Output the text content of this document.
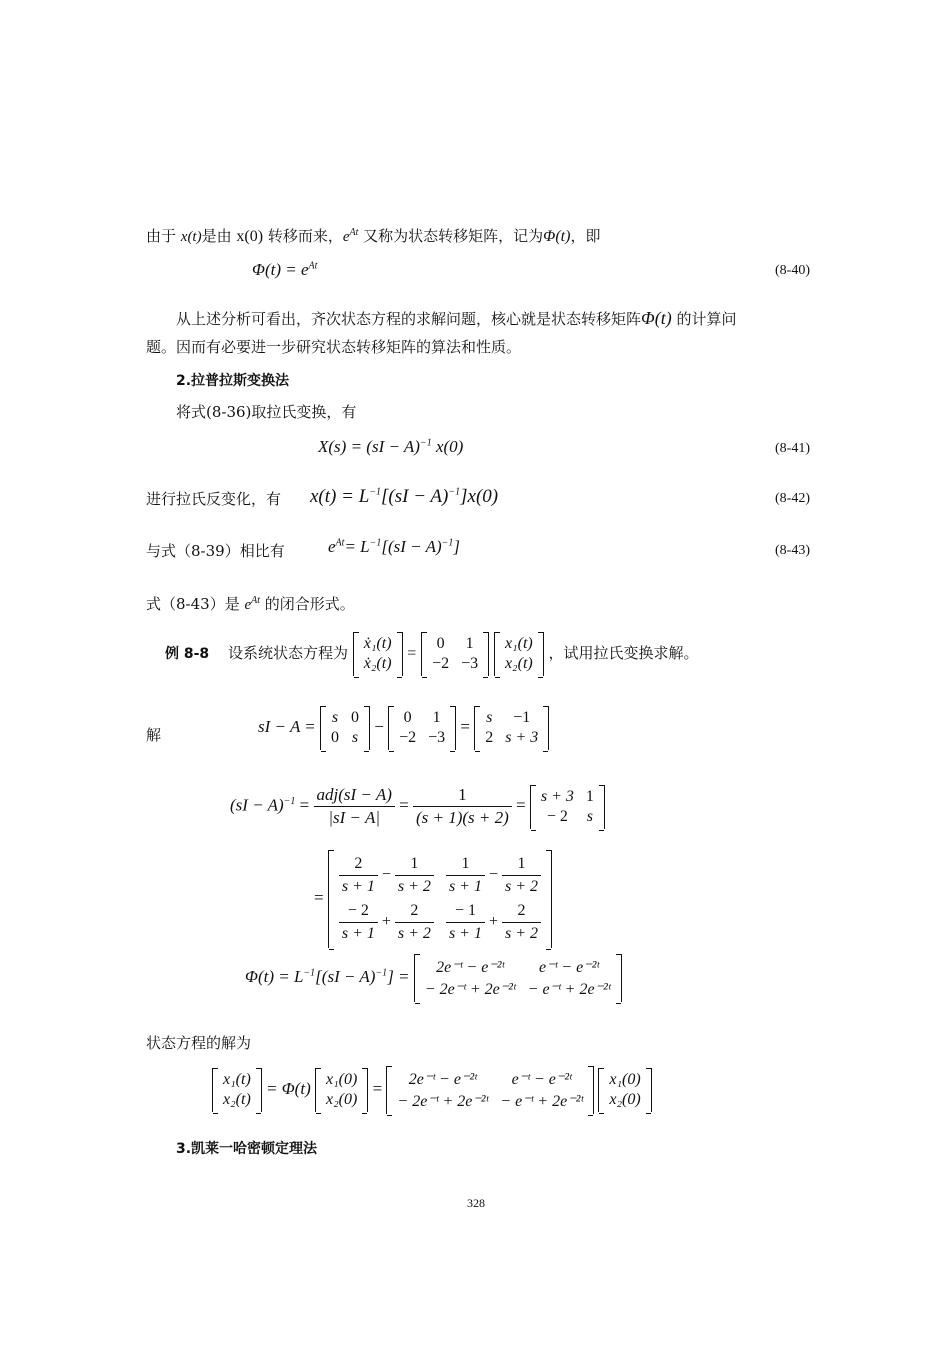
由于 x(t)是由 x(0) 转移而来，$e^{At}$ 又称为状态转移矩阵，记为Φ(t)，即
$\Phi(t) = e^{At}$	(8-40)
从上述分析可看出，齐次状态方程的求解问题，核心就是状态转移矩阵Φ(t) 的计算问
题。因而有必要进一步研究状态转移矩阵的算法和性质。
2.拉普拉斯变换法
将式(8-36)取拉氏变换，有
X(s) = (sI − A)$^{-1}$ x(0)	(8-41)
进行拉氏反变化，有	$x(t) = L^{-1}[(sI - A)^{-1}]x(0)$	(8-42)
与式（8-39）相比有	$e^{At}= L^{-1}[(sI - A)^{-1}]$	(8-43)
式（8-43）是 $e^{At}$ 的闭合形式。
例 8-8 设系统状态方程为
ẋ₁(t)
ẋ₂(t)
=
0	1
−2	−3

x₁(t)
x₂(t)
，试用拉氏变换求解。
解	sI − A = s	0
0	s
− 0	1
−2	−3
= s	−1
2	s + 3
$(sI - A)^{-1} = \frac{\text{adj(sI − A)}}{|sI - A|} = \frac{1}{(s + 1)(s + 2)} = s + 3$	1
− 2	s
= $\frac{2}{s + 1} - \frac{1}{s + 2}$	$\frac{1}{s + 1} - \frac{1}{s + 2}$

$\frac{- 2}{s + 1} + \frac{2}{s + 2}$	$\frac{- 1}{s + 1} + \frac{2}{s + 2}$
$\Phi(t) = L^{-1}[(sI - A)^{-1}]$ = 2e⁻ᵗ − e⁻²ᵗ	e⁻ᵗ − e⁻²ᵗ
− 2e⁻ᵗ + 2e⁻²ᵗ	− e⁻ᵗ + 2e⁻²ᵗ
状态方程的解为
x₁(t)
x₂(t)
= Φ(t) x₁(0)
x₂(0)
= 2e⁻ᵗ − e⁻²ᵗ	e⁻ᵗ − e⁻²ᵗ
− 2e⁻ᵗ + 2e⁻²ᵗ	− e⁻ᵗ + 2e⁻²ᵗ

x₁(0)
x₂(0)
3.凯莱一哈密顿定理法
328
